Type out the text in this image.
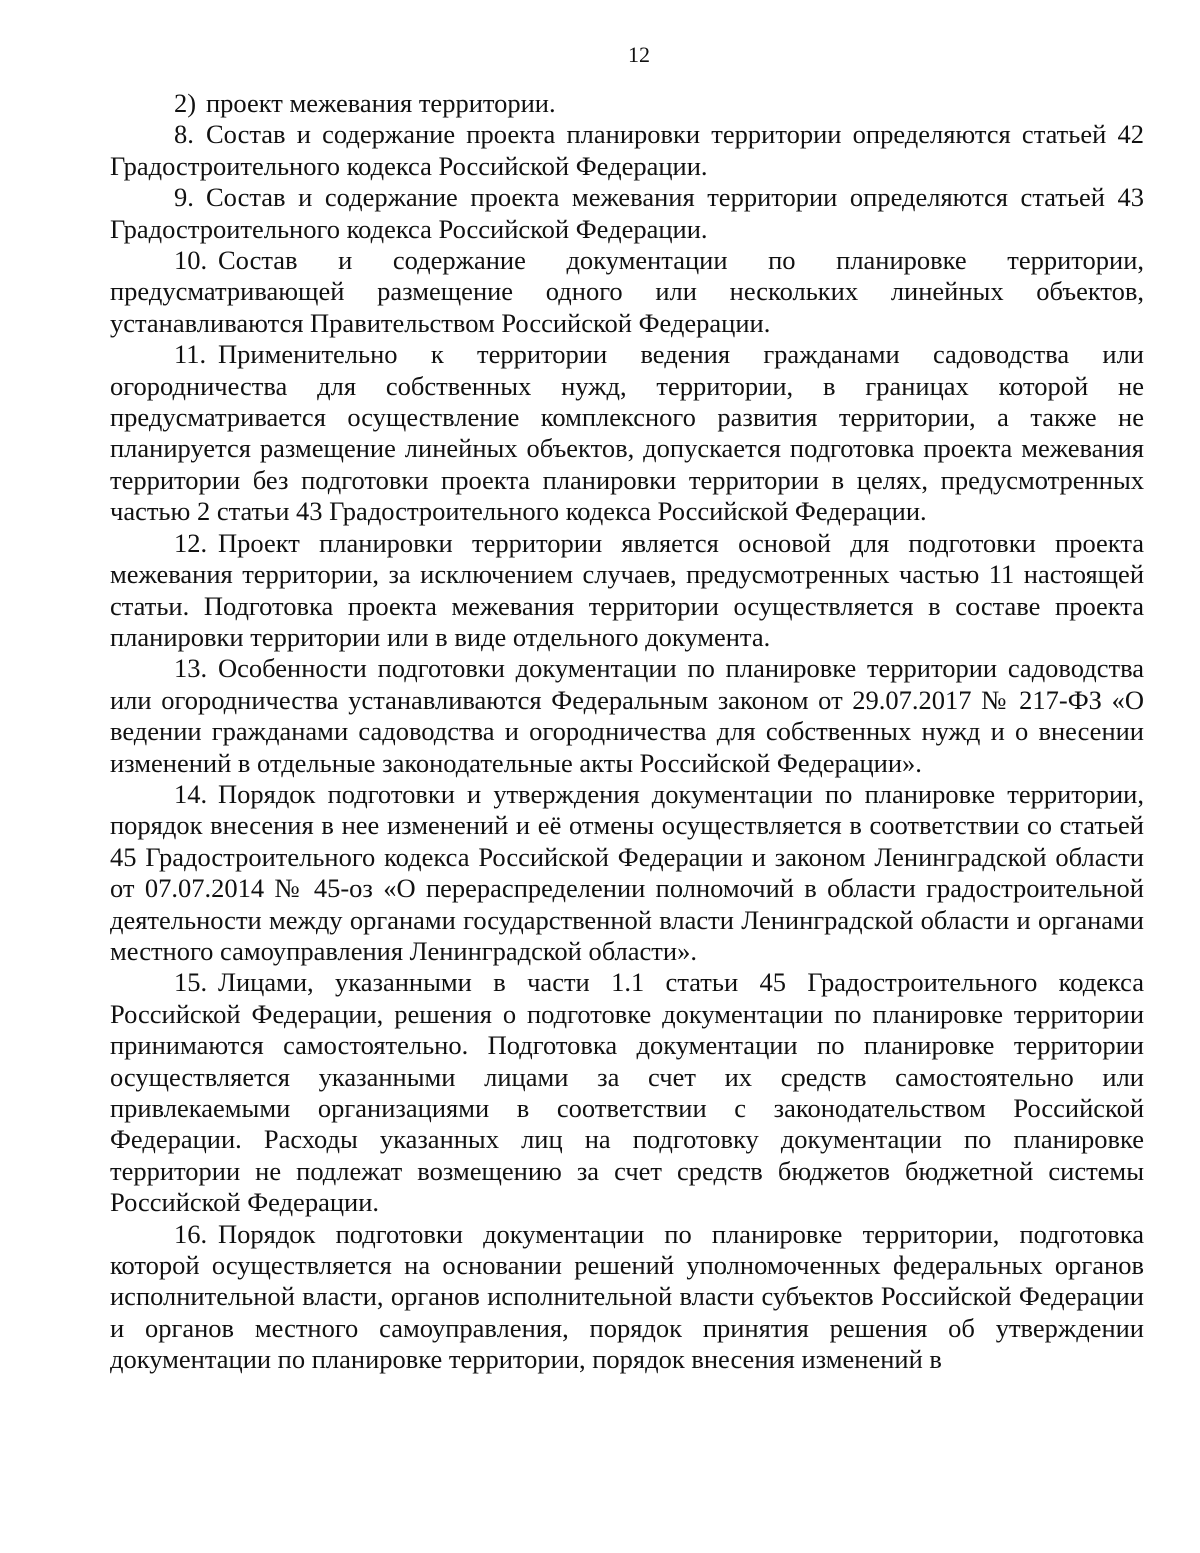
12

2) проект межевания территории.

8. Состав и содержание проекта планировки территории определяются статьей 42 Градостроительного кодекса Российской Федерации.

9. Состав и содержание проекта межевания территории определяются статьей 43 Градостроительного кодекса Российской Федерации.

10. Состав и содержание документации по планировке территории, предусматривающей размещение одного или нескольких линейных объектов, устанавливаются Правительством Российской Федерации.

11. Применительно к территории ведения гражданами садоводства или огородничества для собственных нужд, территории, в границах которой не предусматривается осуществление комплексного развития территории, а также не планируется размещение линейных объектов, допускается подготовка проекта межевания территории без подготовки проекта планировки территории в целях, предусмотренных частью 2 статьи 43 Градостроительного кодекса Российской Федерации.

12. Проект планировки территории является основой для подготовки проекта межевания территории, за исключением случаев, предусмотренных частью 11 настоящей статьи. Подготовка проекта межевания территории осуществляется в составе проекта планировки территории или в виде отдельного документа.

13. Особенности подготовки документации по планировке территории садоводства или огородничества устанавливаются Федеральным законом от 29.07.2017 № 217-ФЗ «О ведении гражданами садоводства и огородничества для собственных нужд и о внесении изменений в отдельные законодательные акты Российской Федерации».

14. Порядок подготовки и утверждения документации по планировке территории, порядок внесения в нее изменений и её отмены осуществляется в соответствии со статьей 45 Градостроительного кодекса Российской Федерации и законом Ленинградской области от 07.07.2014 № 45-оз «О перераспределении полномочий в области градостроительной деятельности между органами государственной власти Ленинградской области и органами местного самоуправления Ленинградской области».

15. Лицами, указанными в части 1.1 статьи 45 Градостроительного кодекса Российской Федерации, решения о подготовке документации по планировке территории принимаются самостоятельно. Подготовка документации по планировке территории осуществляется указанными лицами за счет их средств самостоятельно или привлекаемыми организациями в соответствии с законодательством Российской Федерации. Расходы указанных лиц на подготовку документации по планировке территории не подлежат возмещению за счет средств бюджетов бюджетной системы Российской Федерации.

16. Порядок подготовки документации по планировке территории, подготовка которой осуществляется на основании решений уполномоченных федеральных органов исполнительной власти, органов исполнительной власти субъектов Российской Федерации и органов местного самоуправления, порядок принятия решения об утверждении документации по планировке территории, порядок внесения изменений в
